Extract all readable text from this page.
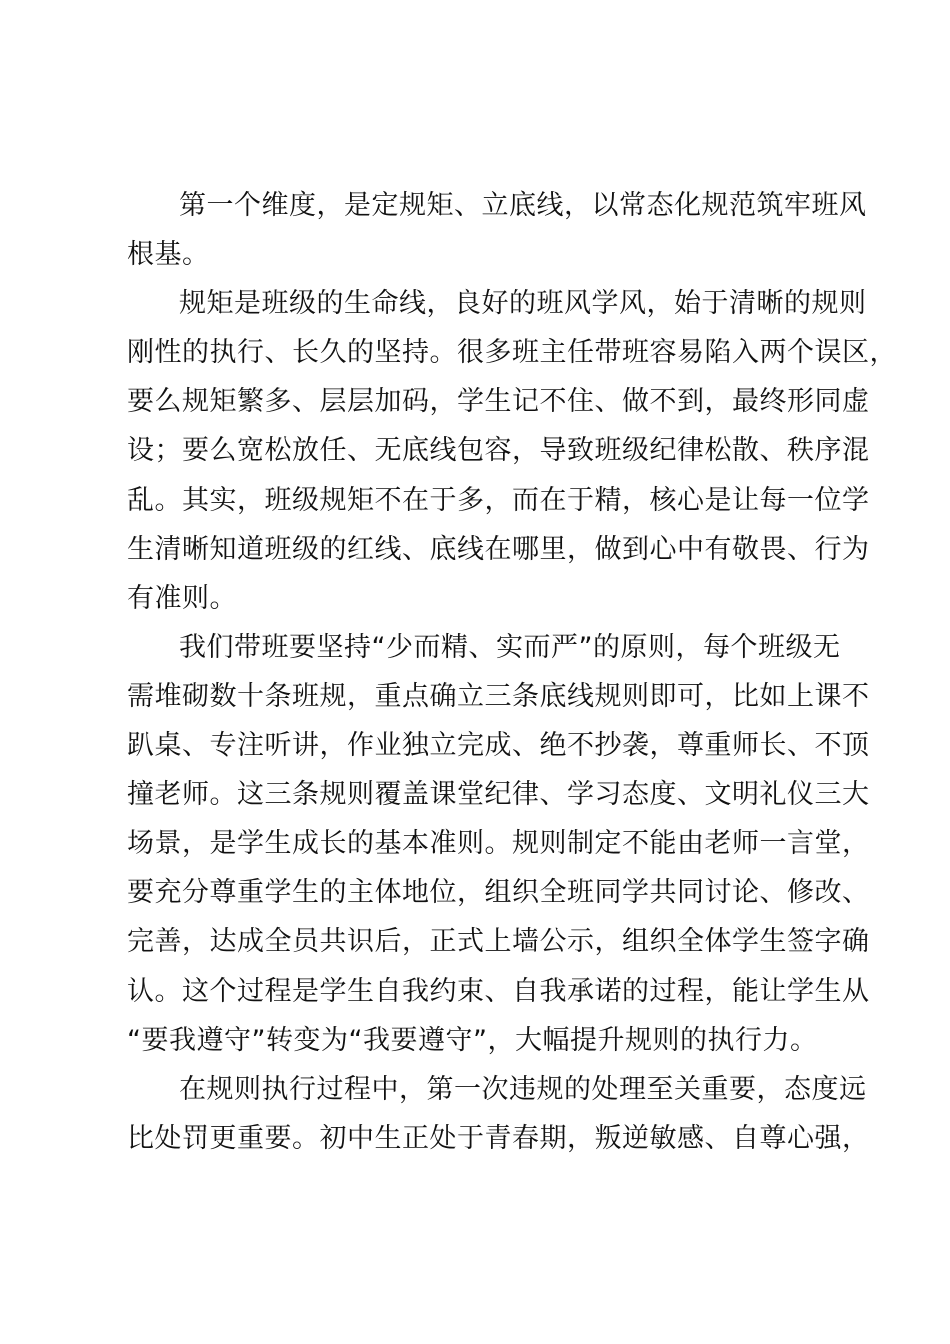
第一个维度，是定规矩、立底线，以常态化规范筑牢班风
根基。
规矩是班级的生命线，良好的班风学风，始于清晰的规则
刚性的执行、长久的坚持。很多班主任带班容易陷入两个误区，
要么规矩繁多、层层加码，学生记不住、做不到，最终形同虚
设；要么宽松放任、无底线包容，导致班级纪律松散、秩序混
乱。其实，班级规矩不在于多，而在于精，核心是让每一位学
生清晰知道班级的红线、底线在哪里，做到心中有敬畏、行为
有准则。
我们带班要坚持“少而精、实而严”的原则，每个班级无
需堆砌数十条班规，重点确立三条底线规则即可，比如上课不
趴桌、专注听讲，作业独立完成、绝不抄袭，尊重师长、不顶
撞老师。这三条规则覆盖课堂纪律、学习态度、文明礼仪三大
场景，是学生成长的基本准则。规则制定不能由老师一言堂，
要充分尊重学生的主体地位，组织全班同学共同讨论、修改、
完善，达成全员共识后，正式上墙公示，组织全体学生签字确
认。这个过程是学生自我约束、自我承诺的过程，能让学生从
“要我遵守”转变为“我要遵守”，大幅提升规则的执行力。
在规则执行过程中，第一次违规的处理至关重要，态度远
比处罚更重要。初中生正处于青春期，叛逆敏感、自尊心强，
